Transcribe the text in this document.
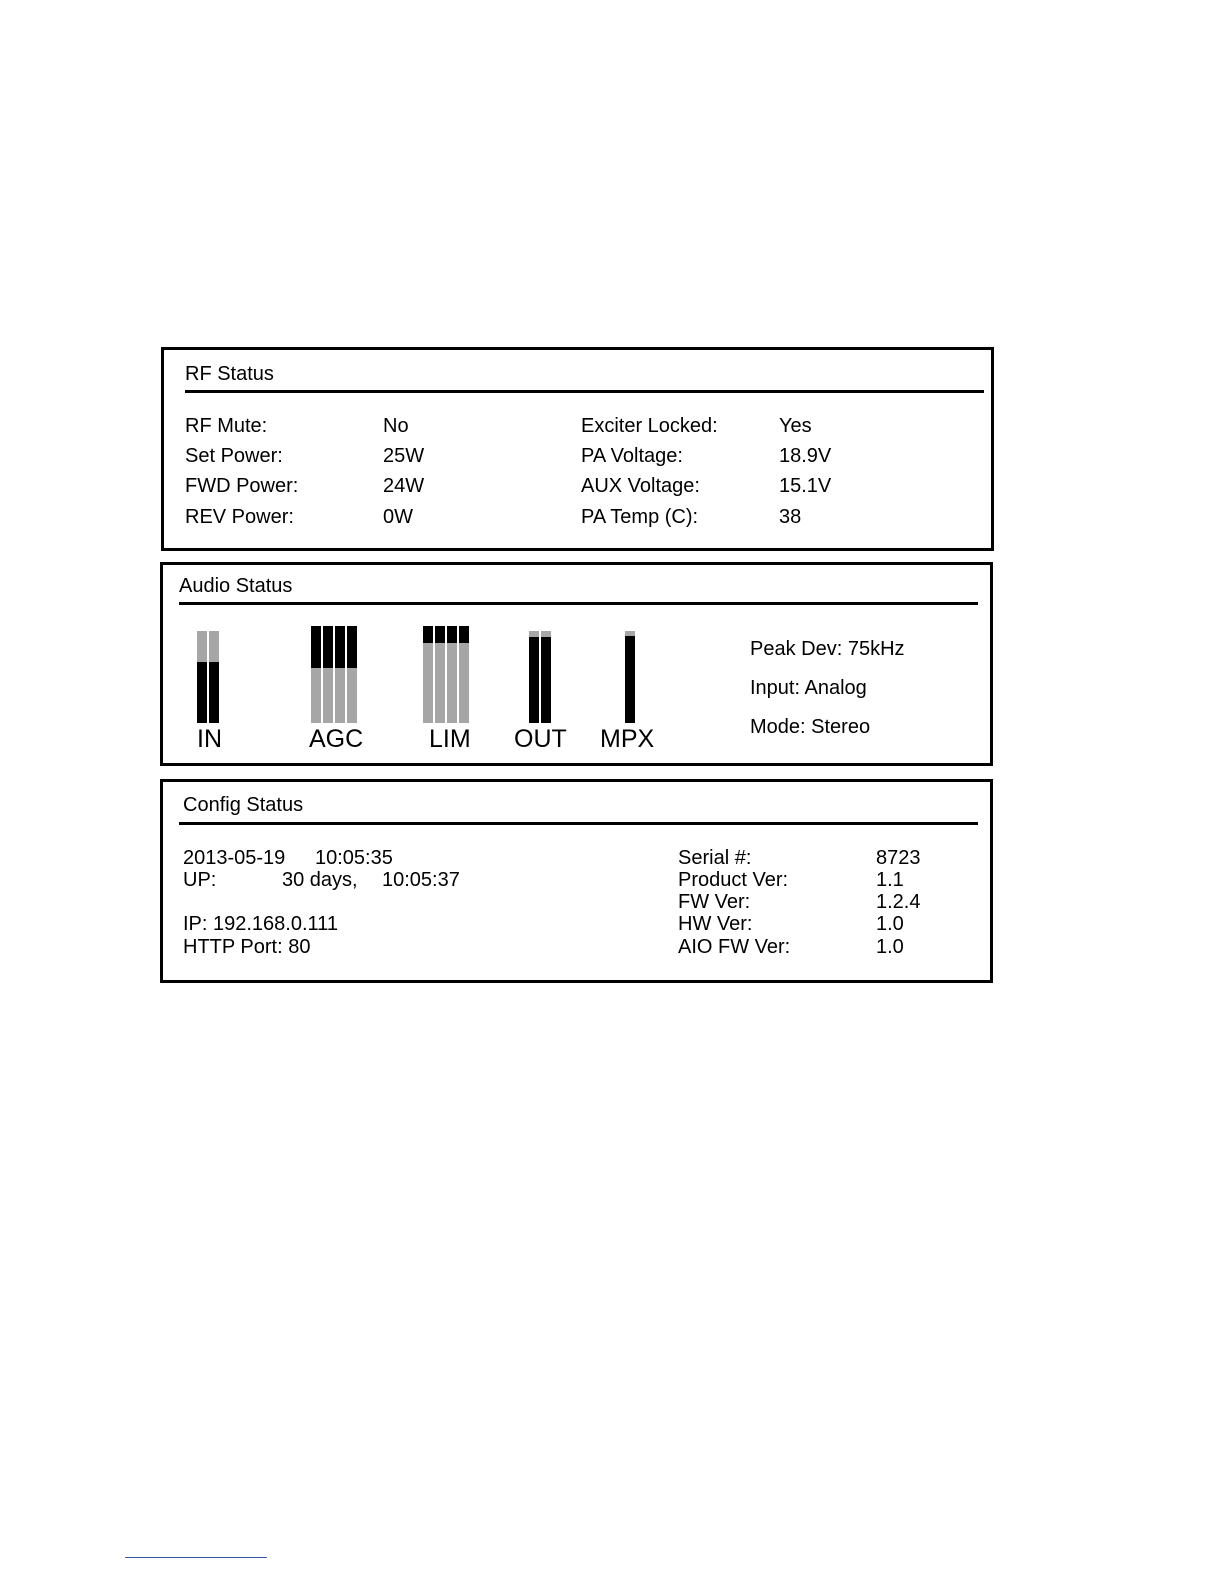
RF Status
RF Mute:	No	Exciter Locked:	Yes
Set Power:	25W	PA Voltage:	18.9V
FWD Power:	24W	AUX Voltage:	15.1V
REV Power:	0W	PA Temp (C):	38
Audio Status
IN	AGC	LIM OUT MPX
Peak Dev: 75kHz
Input: Analog
Mode: Stereo
Config Status
2013-05-19 10:05:35
UP:	30 days, 10:05:37
IP: 192.168.0.111
HTTP Port: 80
Serial #:	8723
Product Ver:	1.1
FW Ver:	1.2.4
HW Ver:	1.0
AIO FW Ver:	1.0
